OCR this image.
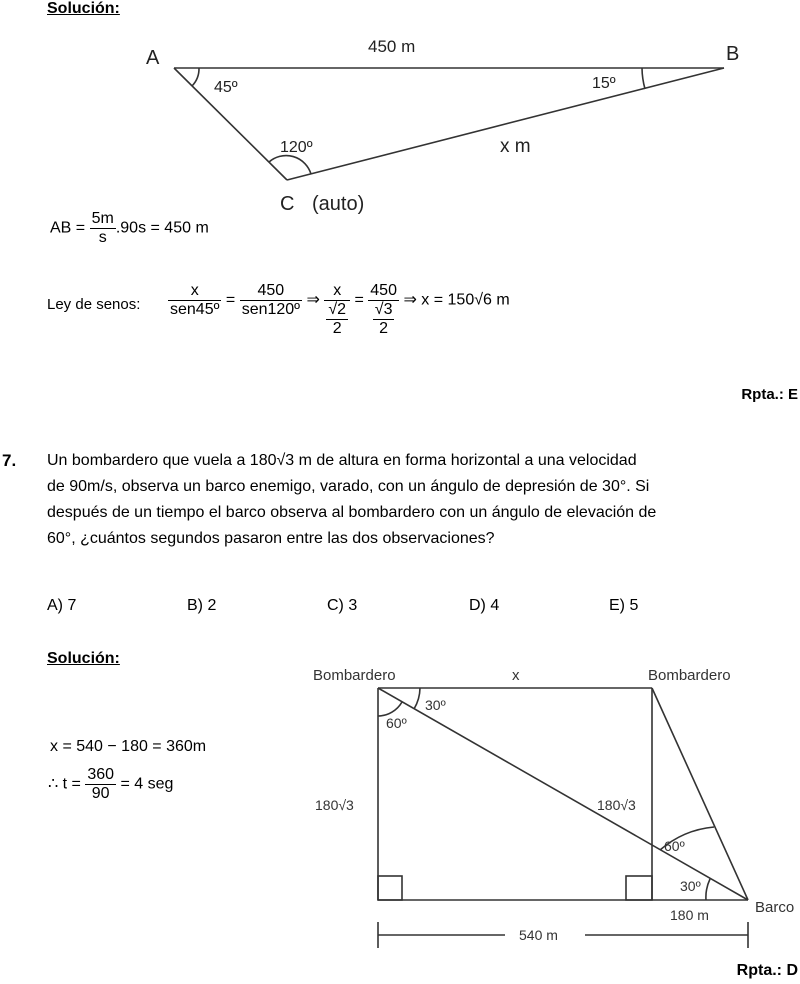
Solución:
A	B
C (auto)
450 m
x m
45º	15º
120º
AB = $\frac{5m}{s} .90s = 450$ m
Ley de senos: $\frac{x}{\text{sen45º}} = \frac{450}{\text{sen120º}}$ ⇒ $\frac{x}{\frac{√2}{2}} = \frac{450}{\frac{√3}{2}}$ ⇒ x = 150√6 m
Rpta.: E
7. Un bombardero que vuela a 180√3 m de altura en forma horizontal a una velocidad
de 90m/s, observa un barco enemigo, varado, con un ángulo de depresión de 30°. Si
después de un tiempo el barco observa al bombardero con un ángulo de elevación de
60°, ¿cuántos segundos pasaron entre las dos observaciones?
A) 7	B) 2	C) 3	D) 4	E) 5
Solución:
x = 540 − 180 = 360m
∴ $t = \frac{360}{90} = 4$ seg
Bombardero	Bombardero
x
30º
60º
180√3	180√3
60º
30º
Barco
180 m
540 m
Rpta.: D
